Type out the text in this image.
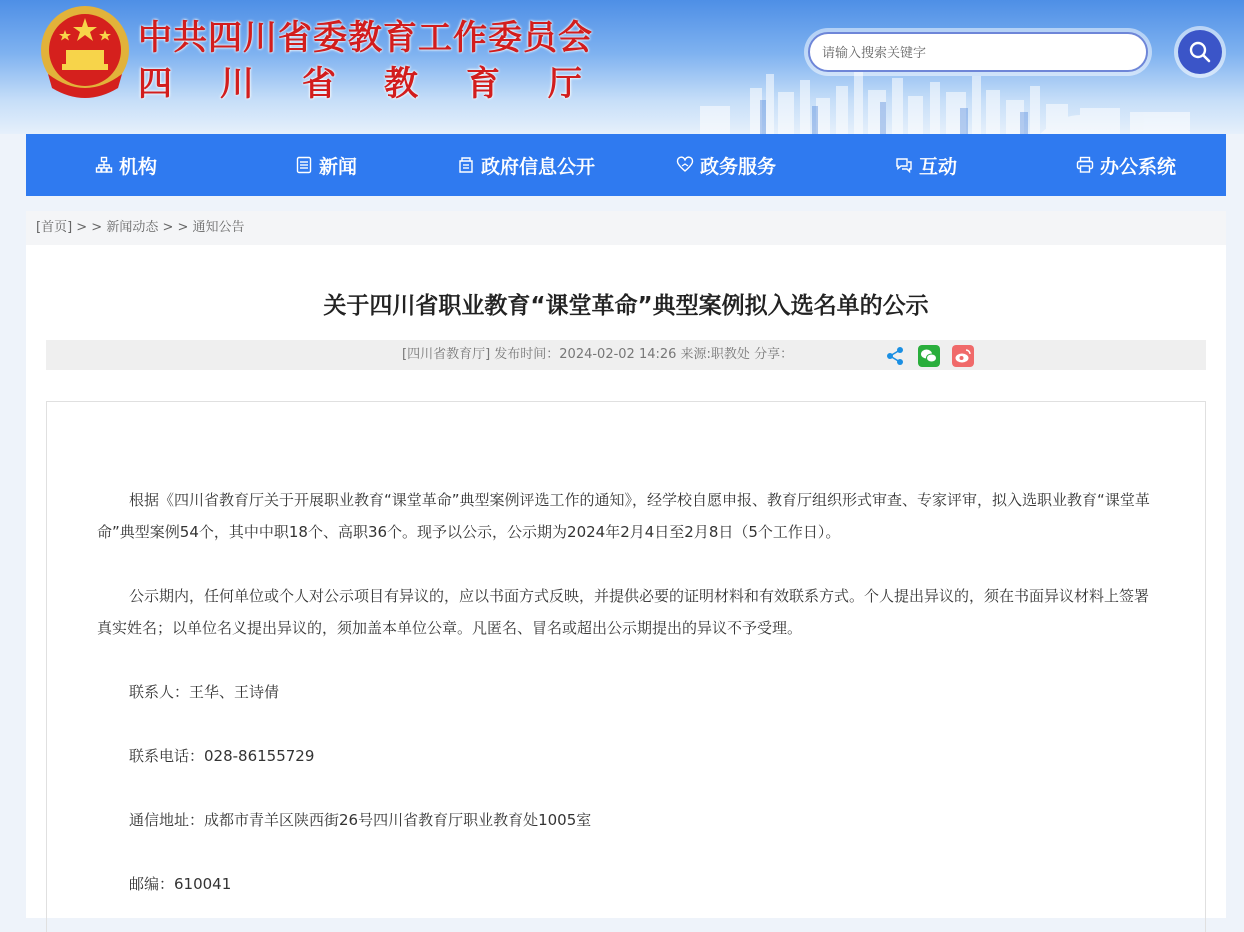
中共四川省委教育工作委员会
四川省教育厅
请输入搜索关键字
机构	新闻	政府信息公开	政务服务	互动	办公系统
[首页] > > 新闻动态 > > 通知公告
关于四川省职业教育“课堂革命”典型案例拟入选名单的公示
[四川省教育厅] 发布时间：2024-02-02 14:26 来源:职教处 分享：
根据《四川省教育厅关于开展职业教育“课堂革命”典型案例评选工作的通知》，经学校自愿申报、教育厅组织形式审查、专家评审，拟入选职业教育“课堂革命”典型案例54个，其中中职18个、高职36个。现予以公示，公示期为2024年2月4日至2月8日（5个工作日）。
公示期内，任何单位或个人对公示项目有异议的，应以书面方式反映，并提供必要的证明材料和有效联系方式。个人提出异议的，须在书面异议材料上签署真实姓名；以单位名义提出异议的，须加盖本单位公章。凡匿名、冒名或超出公示期提出的异议不予受理。
联系人：王华、王诗倩
联系电话：028-86155729
通信地址：成都市青羊区陕西街26号四川省教育厅职业教育处1005室
邮编：610041
